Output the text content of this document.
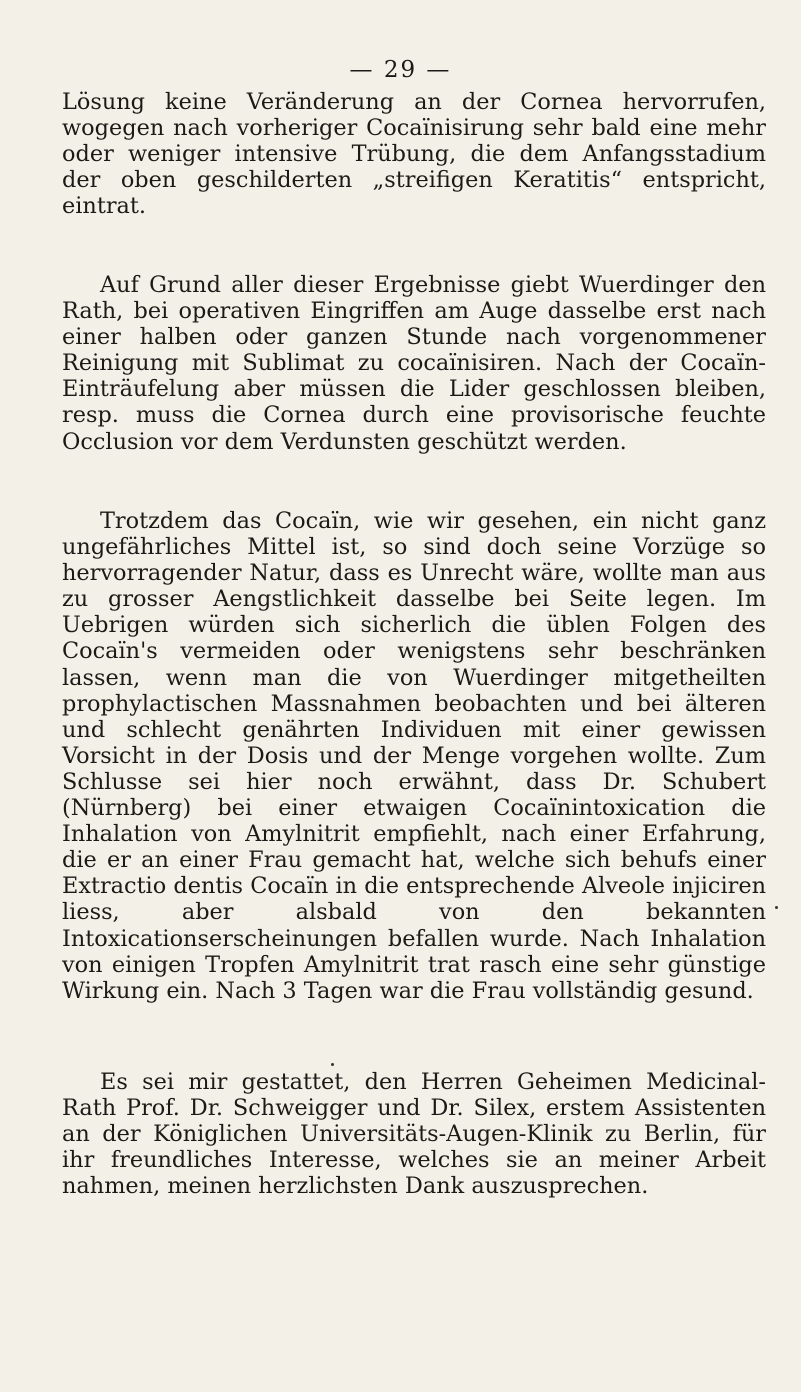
— 29 —

Lösung keine Veränderung an der Cornea hervorrufen, wogegen nach vorheriger Cocaïnisirung sehr bald eine mehr oder weniger intensive Trübung, die dem Anfangsstadium der oben geschilderten „streifigen Keratitis“ entspricht, eintrat.

Auf Grund aller dieser Ergebnisse giebt Wuerdinger den Rath, bei operativen Eingriffen am Auge dasselbe erst nach einer halben oder ganzen Stunde nach vorgenommener Reinigung mit Sublimat zu cocaïnisiren. Nach der Cocaïn-Einträufelung aber müssen die Lider geschlossen bleiben, resp. muss die Cornea durch eine provisorische feuchte Occlusion vor dem Verdunsten geschützt werden.

Trotzdem das Cocaïn, wie wir gesehen, ein nicht ganz ungefährliches Mittel ist, so sind doch seine Vorzüge so hervorragender Natur, dass es Unrecht wäre, wollte man aus zu grosser Aengstlichkeit dasselbe bei Seite legen. Im Uebrigen würden sich sicherlich die üblen Folgen des Cocaïn's vermeiden oder wenigstens sehr beschränken lassen, wenn man die von Wuerdinger mitgetheilten prophylactischen Massnahmen beobachten und bei älteren und schlecht genährten Individuen mit einer gewissen Vorsicht in der Dosis und der Menge vorgehen wollte. Zum Schlusse sei hier noch erwähnt, dass Dr. Schubert (Nürnberg) bei einer etwaigen Cocaïnintoxication die Inhalation von Amylnitrit empfiehlt, nach einer Erfahrung, die er an einer Frau gemacht hat, welche sich behufs einer Extractio dentis Cocaïn in die entsprechende Alveole injiciren liess, aber alsbald von den bekannten Intoxicationserscheinungen befallen wurde. Nach Inhalation von einigen Tropfen Amylnitrit trat rasch eine sehr günstige Wirkung ein. Nach 3 Tagen war die Frau vollständig gesund.

Es sei mir gestattet, den Herren Geheimen Medicinal-Rath Prof. Dr. Schweigger und Dr. Silex, erstem Assistenten an der Königlichen Universitäts-Augen-Klinik zu Berlin, für ihr freundliches Interesse, welches sie an meiner Arbeit nahmen, meinen herzlichsten Dank auszusprechen.
